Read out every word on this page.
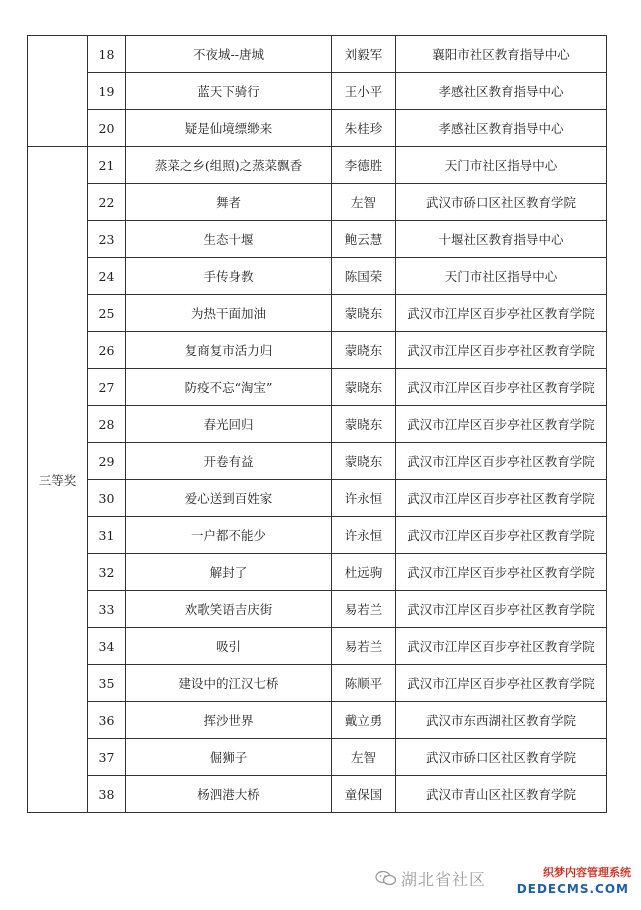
	18	不夜城--唐城	刘毅军	襄阳市社区教育指导中心
	19	蓝天下骑行	王小平	孝感社区教育指导中心
	20	疑是仙境缥缈来	朱桂珍	孝感社区教育指导中心
三等奖	21	蒸菜之乡(组照)之蒸菜飘香	李德胜	天门市社区指导中心
	22	舞者	左智	武汉市硚口区社区教育学院
	23	生态十堰	鲍云慧	十堰社区教育指导中心
	24	手传身教	陈国荣	天门市社区指导中心
	25	为热干面加油	蒙晓东	武汉市江岸区百步亭社区教育学院
	26	复商复市活力归	蒙晓东	武汉市江岸区百步亭社区教育学院
	27	防疫不忘“淘宝”	蒙晓东	武汉市江岸区百步亭社区教育学院
	28	春光回归	蒙晓东	武汉市江岸区百步亭社区教育学院
	29	开卷有益	蒙晓东	武汉市江岸区百步亭社区教育学院
	30	爱心送到百姓家	许永恒	武汉市江岸区百步亭社区教育学院
	31	一户都不能少	许永恒	武汉市江岸区百步亭社区教育学院
	32	解封了	杜远驹	武汉市江岸区百步亭社区教育学院
	33	欢歌笑语吉庆街	易若兰	武汉市江岸区百步亭社区教育学院
	34	吸引	易若兰	武汉市江岸区百步亭社区教育学院
	35	建设中的江汉七桥	陈顺平	武汉市江岸区百步亭社区教育学院
	36	挥沙世界	戴立勇	武汉市东西湖社区教育学院
	37	倔狮子	左智	武汉市硚口区社区教育学院
	38	杨泗港大桥	童保国	武汉市青山区社区教育学院
湖北省社区	织梦内容管理系统
DEDECMS.COM
